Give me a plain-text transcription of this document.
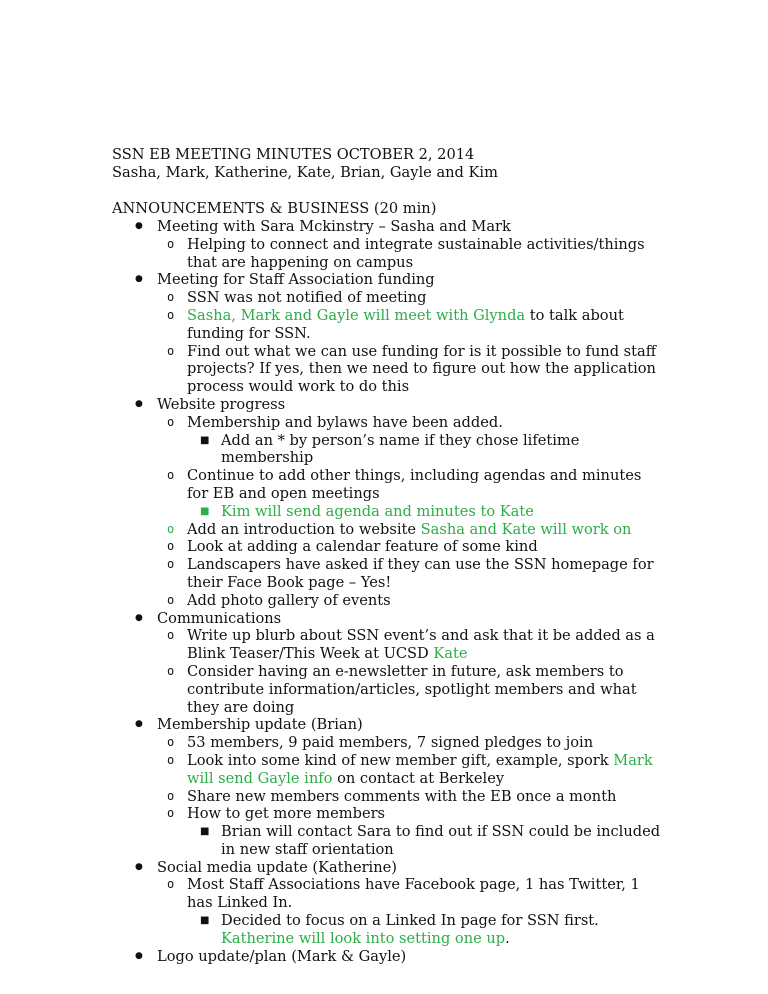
SSN EB MEETING MINUTES OCTOBER 2, 2014
Sasha, Mark, Katherine, Kate, Brian, Gayle and Kim
ANNOUNCEMENTS & BUSINESS (20 min)
● Meeting with Sara Mckinstry – Sasha and Mark
o Helping to connect and integrate sustainable activities/things that are happening on campus
● Meeting for Staff Association funding
o SSN was not notified of meeting
o Sasha, Mark and Gayle will meet with Glynda to talk about funding for SSN.
o Find out what we can use funding for is it possible to fund staff projects? If yes, then we need to figure out how the application process would work to do this
● Website progress
o Membership and bylaws have been added.
■ Add an * by person’s name if they chose lifetime membership
o Continue to add other things, including agendas and minutes for EB and open meetings
■ Kim will send agenda and minutes to Kate
o Add an introduction to website Sasha and Kate will work on
o Look at adding a calendar feature of some kind
o Landscapers have asked if they can use the SSN homepage for their Face Book page – Yes!
o Add photo gallery of events
● Communications
o Write up blurb about SSN event’s and ask that it be added as a Blink Teaser/This Week at UCSD Kate
o Consider having an e-newsletter in future, ask members to contribute information/articles, spotlight members and what they are doing
● Membership update (Brian)
o 53 members, 9 paid members, 7 signed pledges to join
o Look into some kind of new member gift, example, spork Mark will send Gayle info on contact at Berkeley
o Share new members comments with the EB once a month
o How to get more members
■ Brian will contact Sara to find out if SSN could be included in new staff orientation
● Social media update (Katherine)
o Most Staff Associations have Facebook page, 1 has Twitter, 1 has Linked In.
■ Decided to focus on a Linked In page for SSN first. Katherine will look into setting one up.
● Logo update/plan (Mark & Gayle)
